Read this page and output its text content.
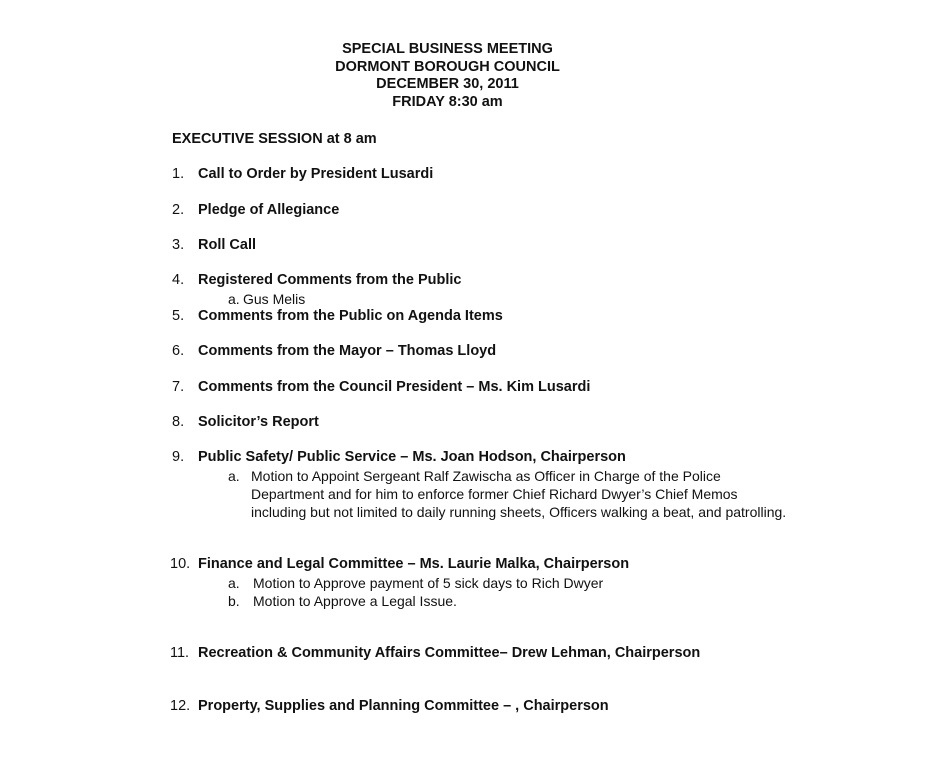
SPECIAL BUSINESS MEETING
DORMONT BOROUGH COUNCIL
DECEMBER 30, 2011
FRIDAY 8:30 am
EXECUTIVE SESSION at 8 am
1. Call to Order by President Lusardi
2. Pledge of Allegiance
3. Roll Call
4. Registered Comments from the Public
a. Gus Melis
5. Comments from the Public on Agenda Items
6. Comments from the Mayor – Thomas Lloyd
7. Comments from the Council President – Ms. Kim Lusardi
8. Solicitor’s Report
9. Public Safety/ Public Service – Ms. Joan Hodson, Chairperson
a. Motion to Appoint Sergeant Ralf Zawischa as Officer in Charge of the Police Department and for him to enforce former Chief Richard Dwyer’s Chief Memos including but not limited to daily running sheets, Officers walking a beat, and patrolling.
10. Finance and Legal Committee – Ms. Laurie Malka, Chairperson
a. Motion to Approve payment of 5 sick days to Rich Dwyer
b. Motion to Approve a Legal Issue.
11. Recreation & Community Affairs Committee– Drew Lehman, Chairperson
12. Property, Supplies and Planning Committee – , Chairperson
